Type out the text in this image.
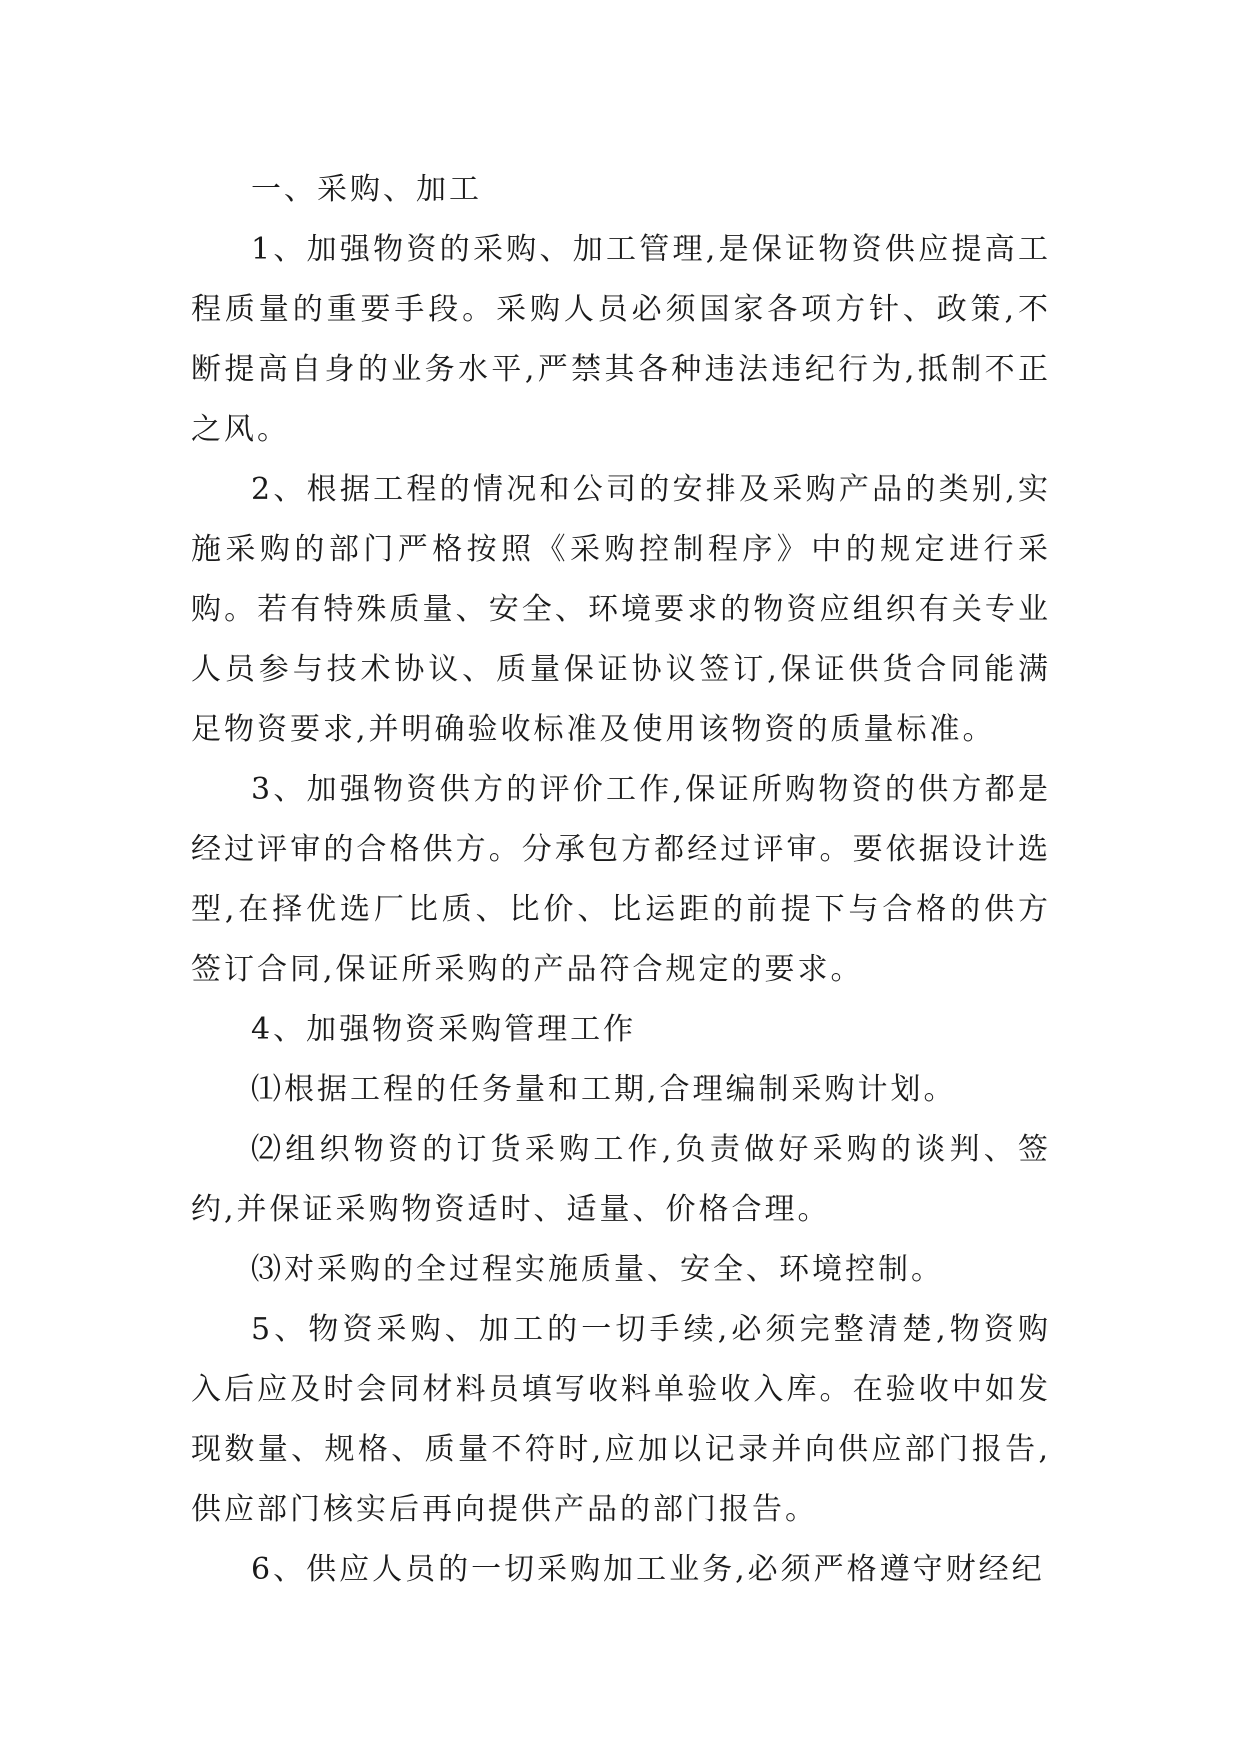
一、采购、加工

1、加强物资的采购、加工管理,是保证物资供应提高工程质量的重要手段。采购人员必须国家各项方针、政策,不断提高自身的业务水平,严禁其各种违法违纪行为,抵制不正之风。

2、根据工程的情况和公司的安排及采购产品的类别,实施采购的部门严格按照《采购控制程序》中的规定进行采购。若有特殊质量、安全、环境要求的物资应组织有关专业人员参与技术协议、质量保证协议签订,保证供货合同能满足物资要求,并明确验收标准及使用该物资的质量标准。

3、加强物资供方的评价工作,保证所购物资的供方都是经过评审的合格供方。分承包方都经过评审。要依据设计选型,在择优选厂比质、比价、比运距的前提下与合格的供方签订合同,保证所采购的产品符合规定的要求。

4、加强物资采购管理工作

⑴根据工程的任务量和工期,合理编制采购计划。

⑵组织物资的订货采购工作,负责做好采购的谈判、签约,并保证采购物资适时、适量、价格合理。

⑶对采购的全过程实施质量、安全、环境控制。

5、物资采购、加工的一切手续,必须完整清楚,物资购入后应及时会同材料员填写收料单验收入库。在验收中如发现数量、规格、质量不符时,应加以记录并向供应部门报告,供应部门核实后再向提供产品的部门报告。

6、供应人员的一切采购加工业务,必须严格遵守财经纪
